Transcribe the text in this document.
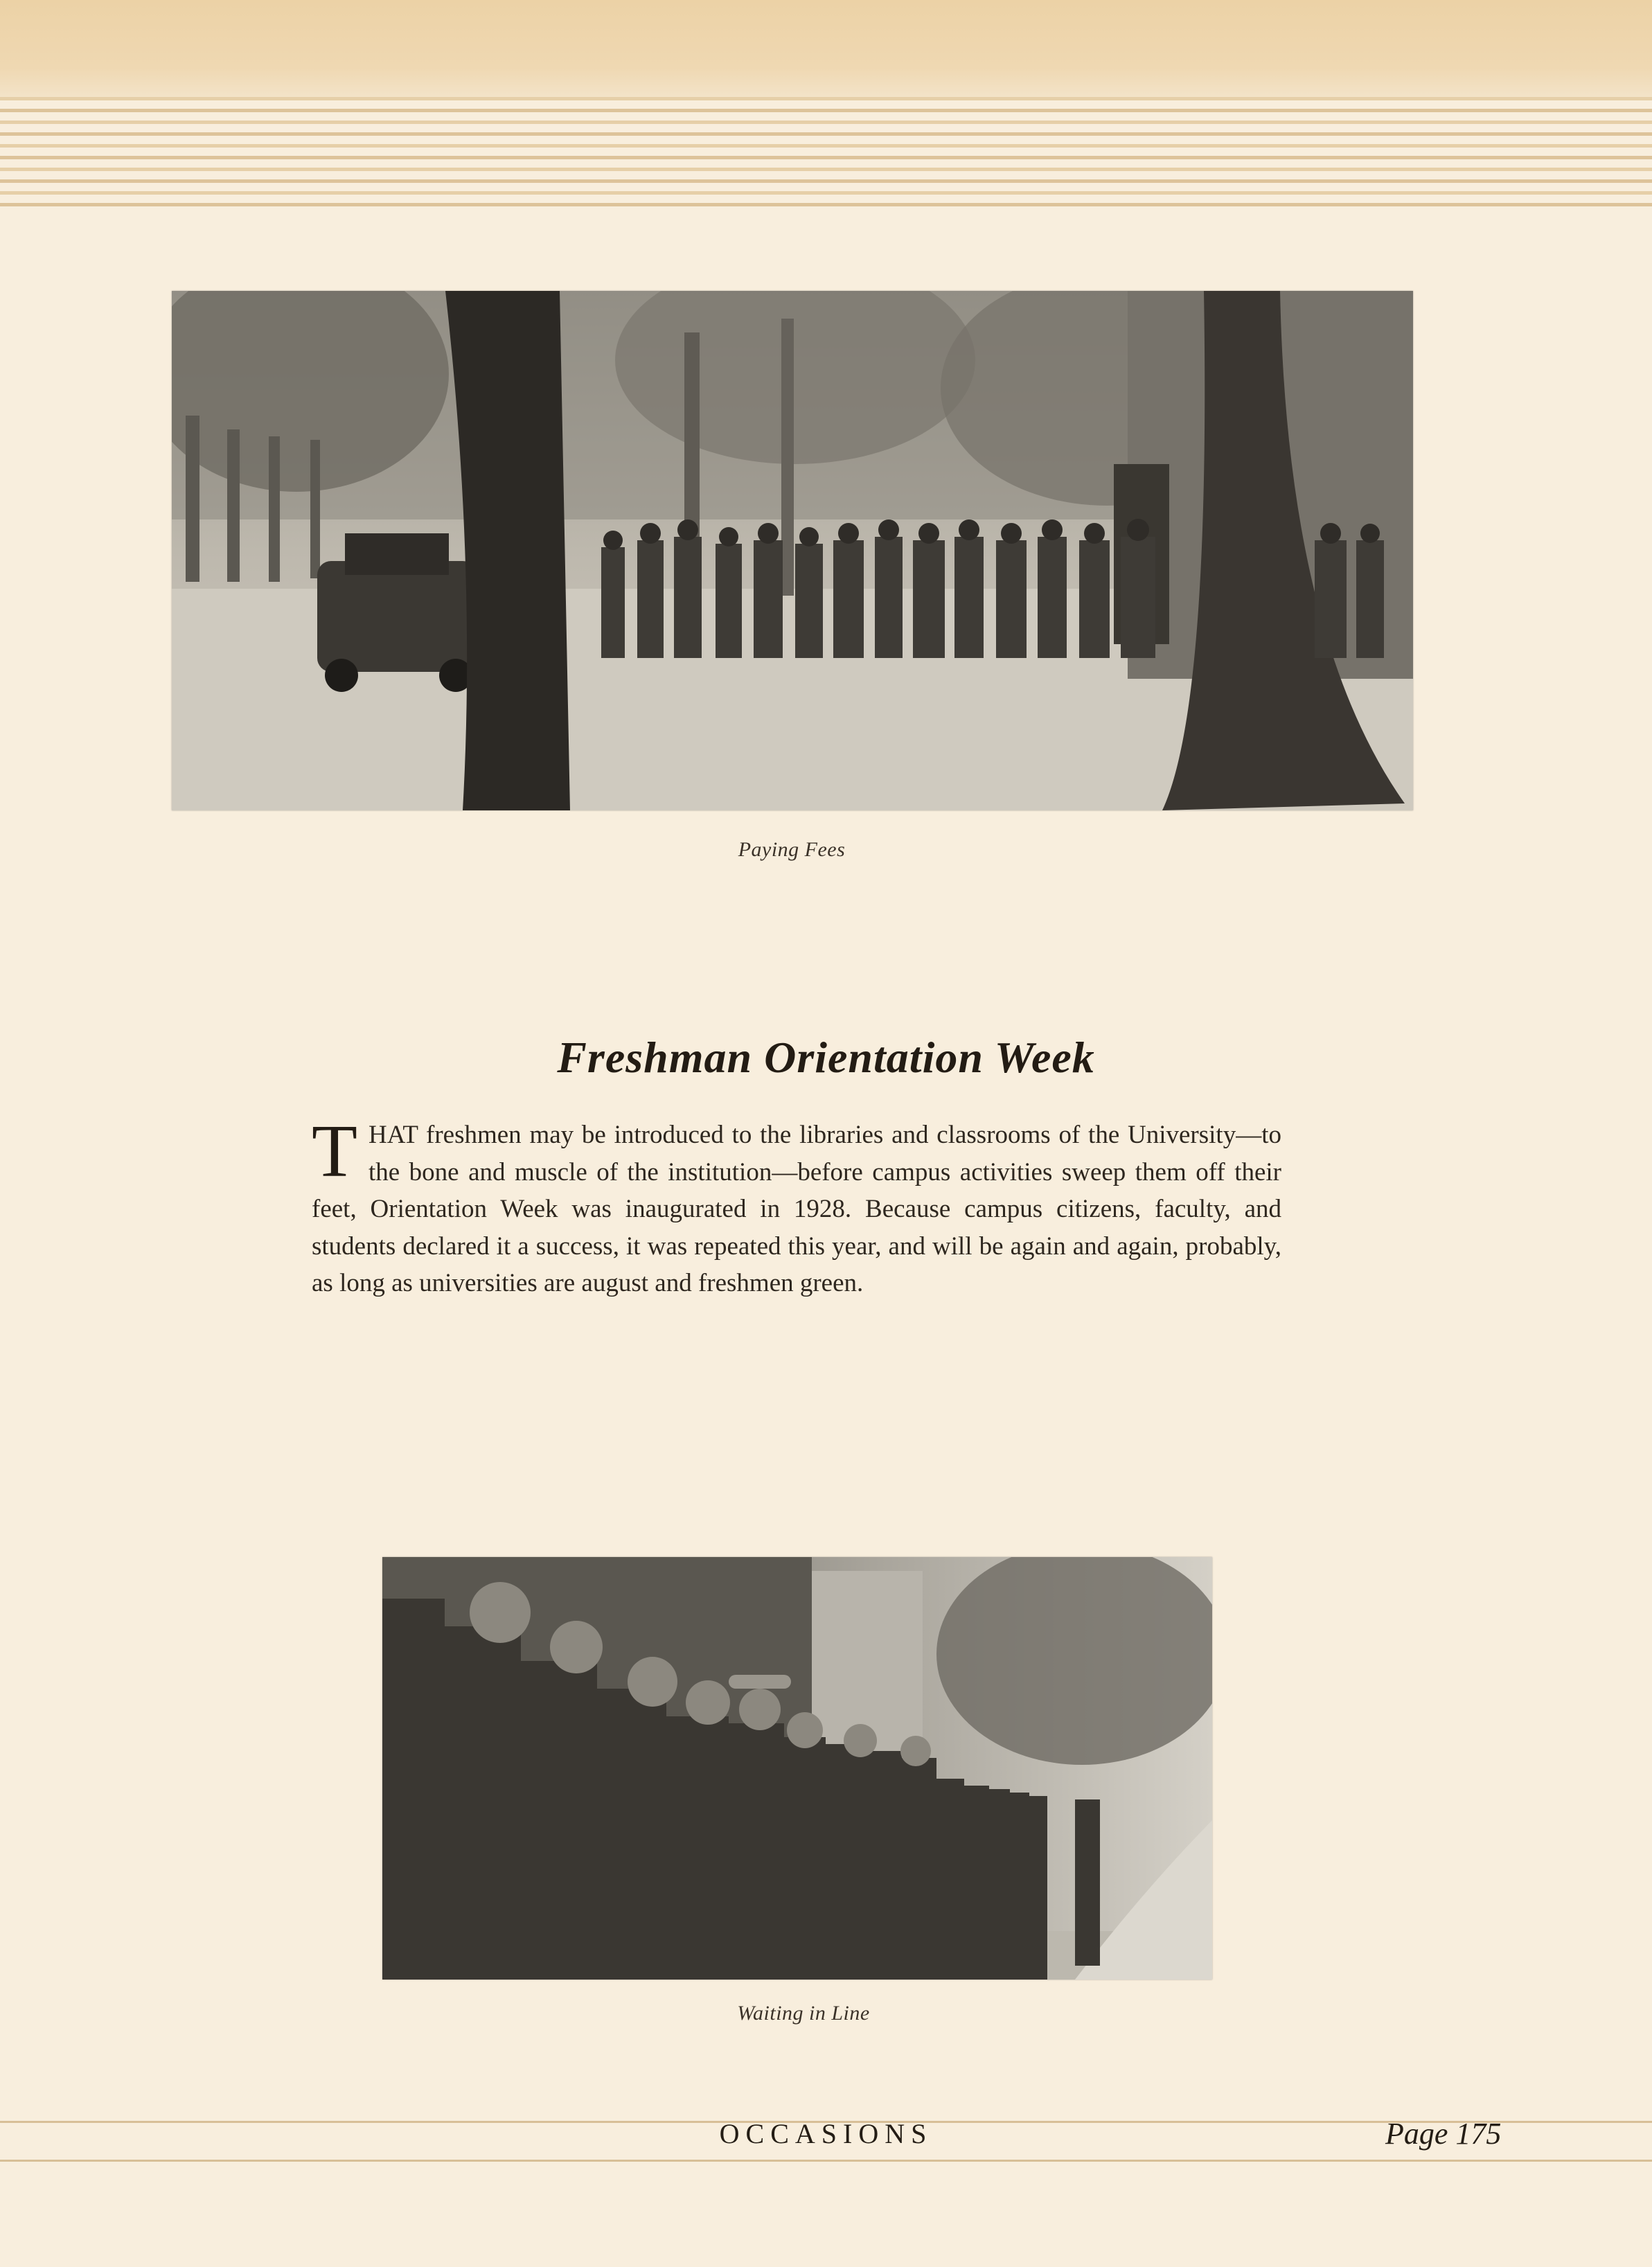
Paying Fees
Freshman Orientation Week
THAT freshmen may be introduced to the libraries and classrooms of the University—to the bone and muscle of the institution—before campus activities sweep them off their feet, Orientation Week was inaugurated in 1928. Because campus citizens, faculty, and students declared it a success, it was repeated this year, and will be again and again, probably, as long as universities are august and freshmen green.
Waiting in Line
OCCASIONS	Page 175
